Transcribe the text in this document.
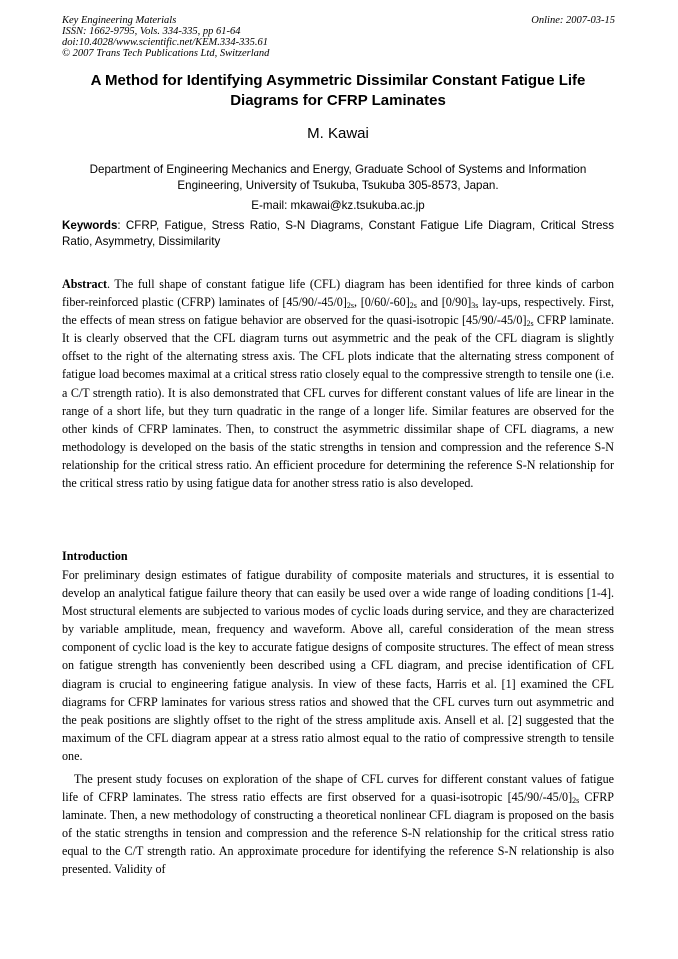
Key Engineering Materials
ISSN: 1662-9795, Vols. 334-335, pp 61-64
doi:10.4028/www.scientific.net/KEM.334-335.61
© 2007 Trans Tech Publications Ltd, Switzerland
Online: 2007-03-15
A Method for Identifying Asymmetric Dissimilar Constant Fatigue Life Diagrams for CFRP Laminates
M. Kawai
Department of Engineering Mechanics and Energy, Graduate School of Systems and Information Engineering, University of Tsukuba, Tsukuba 305-8573, Japan.
E-mail: mkawai@kz.tsukuba.ac.jp
Keywords: CFRP, Fatigue, Stress Ratio, S-N Diagrams, Constant Fatigue Life Diagram, Critical Stress Ratio, Asymmetry, Dissimilarity

Abstract. The full shape of constant fatigue life (CFL) diagram has been identified for three kinds of carbon fiber-reinforced plastic (CFRP) laminates of $[45/90/-45/0]_{2s}$, $[0/60/-60]_{2s}$ and $[0/90]_{3s}$ lay-ups, respectively. First, the effects of mean stress on fatigue behavior are observed for the quasi-isotropic $[45/90/-45/0]_{2s}$ CFRP laminate. It is clearly observed that the CFL diagram turns out asymmetric and the peak of the CFL diagram is slightly offset to the right of the alternating stress axis. The CFL plots indicate that the alternating stress component of fatigue load becomes maximal at a critical stress ratio closely equal to the compressive strength to tensile one (i.e. a C/T strength ratio). It is also demonstrated that CFL curves for different constant values of life are linear in the range of a short life, but they turn quadratic in the range of a longer life. Similar features are observed for the other kinds of CFRP laminates. Then, to construct the asymmetric dissimilar shape of CFL diagrams, a new methodology is developed on the basis of the static strengths in tension and compression and the reference S-N relationship for the critical stress ratio. An efficient procedure for determining the reference S-N relationship for the critical stress ratio by using fatigue data for another stress ratio is also developed.

Introduction

For preliminary design estimates of fatigue durability of composite materials and structures, it is essential to develop an analytical fatigue failure theory that can easily be used over a wide range of loading conditions [1-4]. Most structural elements are subjected to various modes of cyclic loads during service, and they are characterized by variable amplitude, mean, frequency and waveform. Above all, careful consideration of the mean stress component of cyclic load is the key to accurate fatigue designs of composite structures. The effect of mean stress on fatigue strength has conveniently been described using a CFL diagram, and precise identification of CFL diagram is crucial to engineering fatigue analysis. In view of these facts, Harris et al. [1] examined the CFL diagrams for CFRP laminates for various stress ratios and showed that the CFL curves turn out asymmetric and the peak positions are slightly offset to the right of the stress amplitude axis. Ansell et al. [2] suggested that the maximum of the CFL diagram appear at a stress ratio almost equal to the ratio of compressive strength to tensile one.

The present study focuses on exploration of the shape of CFL curves for different constant values of fatigue life of CFRP laminates. The stress ratio effects are first observed for a quasi-isotropic $[45/90/-45/0]_{2s}$ CFRP laminate. Then, a new methodology of constructing a theoretical nonlinear CFL diagram is proposed on the basis of the static strengths in tension and compression and the reference S-N relationship for the critical stress ratio equal to the C/T strength ratio. An approximate procedure for identifying the reference S-N relationship is also presented. Validity of
